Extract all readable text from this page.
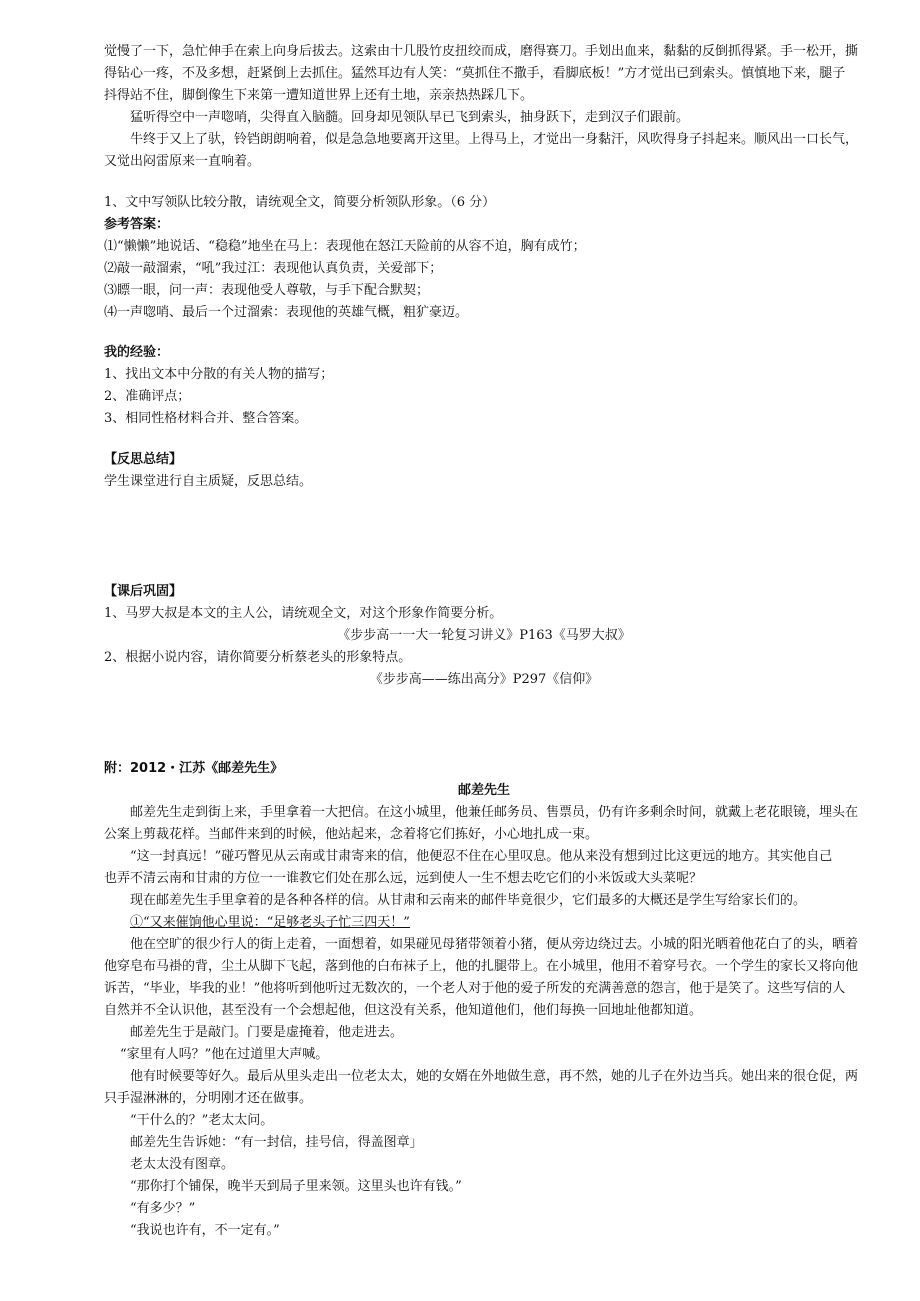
觉慢了一下，急忙伸手在索上向身后拔去。这索由十几股竹皮扭绞而成，磨得赛刀。手划出血来，黏黏的反倒抓得紧。手一松开，撕
得钻心一疼，不及多想，赶紧倒上去抓住。猛然耳边有人笑：“莫抓住不撒手，看脚底板！”方才觉出已到索头。慎慎地下来，腿子
抖得站不住，脚倒像生下来第一遭知道世界上还有土地，亲亲热热踩几下。
猛听得空中一声唿哨，尖得直入脑髓。回身却见领队早已飞到索头，抽身跃下，走到汉子们跟前。
牛终于又上了驮，铃铛朗朗响着，似是急急地要离开这里。上得马上，才觉出一身黏汗，风吹得身子抖起来。顺风出一口长气，
又觉出闷雷原来一直响着。
1、文中写领队比较分散，请统观全文，简要分析领队形象。（6 分）
参考答案：
⑴“懒懒”地说话、“稳稳”地坐在马上：表现他在怒江天险前的从容不迫，胸有成竹；
⑵敲一敲溜索，“吼”我过江：表现他认真负责，关爱部下；
⑶瞟一眼，问一声：表现他受人尊敬，与手下配合默契；
⑷一声唿哨、最后一个过溜索：表现他的英雄气概，粗犷豪迈。
我的经验：
1、找出文本中分散的有关人物的描写；
2、准确评点；
3、相同性格材料合并、整合答案。
【反思总结】
学生课堂进行自主质疑，反思总结。
【课后巩固】
1、马罗大叔是本文的主人公，请统观全文，对这个形象作简要分析。
《步步高一一大一轮复习讲义》P163《马罗大叔》
2、根据小说内容，请你简要分析蔡老头的形象特点。
《步步高——练出高分》P297《信仰》
附：2012・江苏《邮差先生》
邮差先生
邮差先生走到街上来，手里拿着一大把信。在这小城里，他兼任邮务员、售票员，仍有许多剩余时间，就戴上老花眼镜，埋头在
公案上剪裁花样。当邮件来到的时候，他站起来，念着将它们拣好，小心地扎成一束。
“这一封真远！”碰巧瞥见从云南或甘肃寄来的信，他便忍不住在心里叹息。他从来没有想到过比这更远的地方。其实他自己
也弄不清云南和甘肃的方位一一谁教它们处在那么远，远到使人一生不想去吃它们的小米饭或大头菜呢？
现在邮差先生手里拿着的是各种各样的信。从甘肃和云南来的邮件毕竟很少，它们最多的大概还是学生写给家长们的。
①“又来催饷他心里说：“足够老头子忙三四天！”
他在空旷的很少行人的街上走着，一面想着，如果碰见母猪带领着小猪，便从旁边绕过去。小城的阳光晒着他花白了的头，晒着
他穿皂布马褂的背，尘土从脚下飞起，落到他的白布袜子上，他的扎腿带上。在小城里，他用不着穿号衣。一个学生的家长又将向他
诉苦，“毕业，毕我的业！”他将听到他听过无数次的，一个老人对于他的爱子所发的充满善意的怨言，他于是笑了。这些写信的人
自然并不全认识他，甚至没有一个会想起他，但这没有关系，他知道他们，他们每换一回地址他都知道。
邮差先生于是敲门。门要是虚掩着，他走进去。
“家里有人吗？”他在过道里大声喊。
他有时候要等好久。最后从里头走出一位老太太，她的女婿在外地做生意，再不然，她的儿子在外边当兵。她出来的很仓促，两
只手湿淋淋的，分明刚才还在做事。
“干什么的？”老太太问。
邮差先生告诉她：“有一封信，挂号信，得盖图章」
老太太没有图章。
“那你打个铺保，晚半天到局子里来领。这里头也许有钱。”
“有多少？”
“我说也许有，不一定有。”
